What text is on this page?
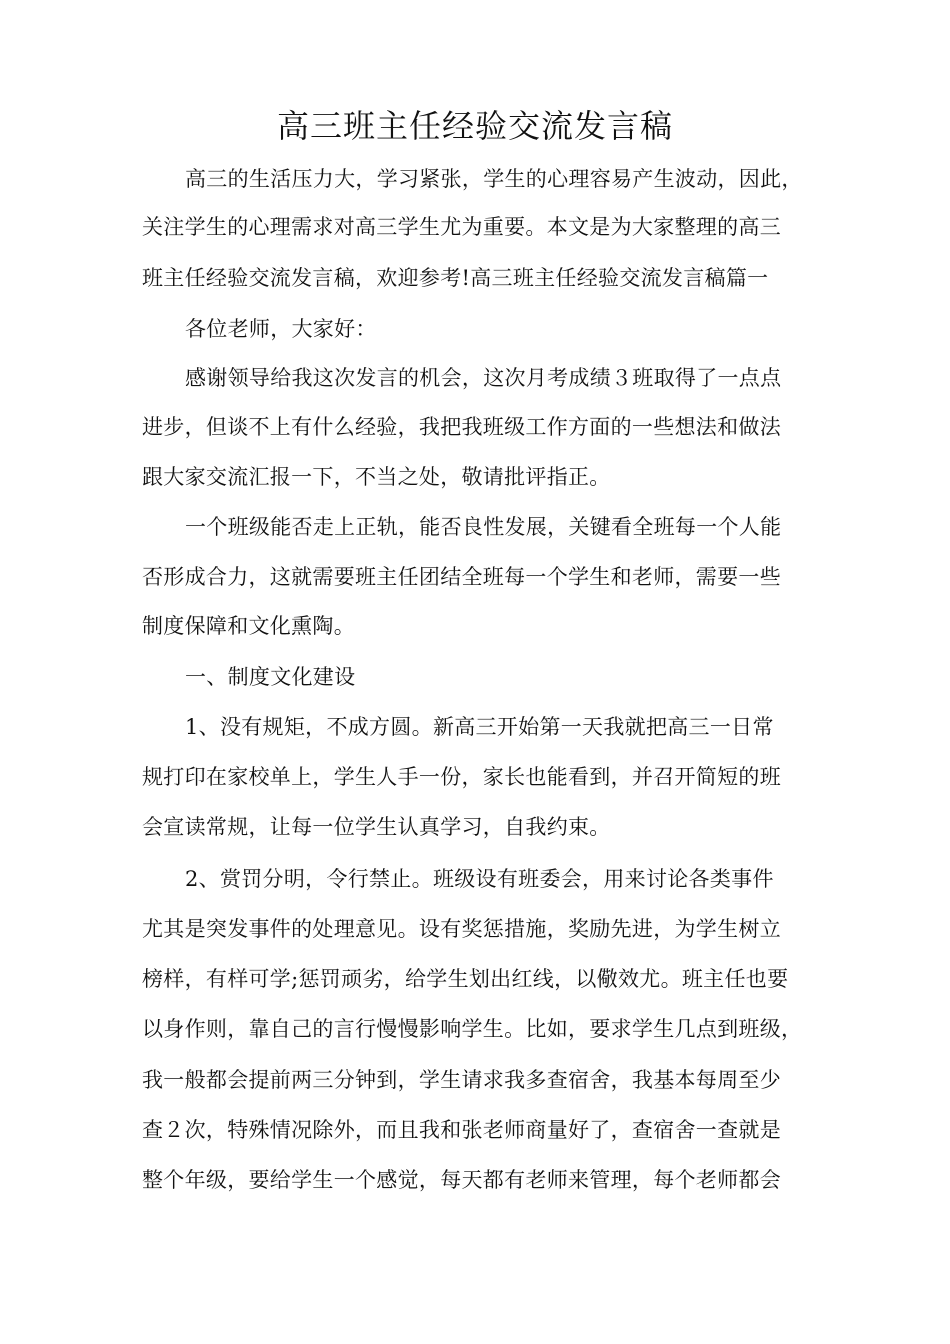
高三班主任经验交流发言稿
高三的生活压力大，学习紧张，学生的心理容易产生波动，因此，
关注学生的心理需求对高三学生尤为重要。本文是为大家整理的高三
班主任经验交流发言稿，欢迎参考!高三班主任经验交流发言稿篇一
各位老师，大家好：
感谢领导给我这次发言的机会，这次月考成绩３班取得了一点点
进步，但谈不上有什么经验，我把我班级工作方面的一些想法和做法
跟大家交流汇报一下，不当之处，敬请批评指正。
一个班级能否走上正轨，能否良性发展，关键看全班每一个人能
否形成合力，这就需要班主任团结全班每一个学生和老师，需要一些
制度保障和文化熏陶。
一、制度文化建设
1、没有规矩，不成方圆。新高三开始第一天我就把高三一日常
规打印在家校单上，学生人手一份，家长也能看到，并召开简短的班
会宣读常规，让每一位学生认真学习，自我约束。
2、赏罚分明，令行禁止。班级设有班委会，用来讨论各类事件
尤其是突发事件的处理意见。设有奖惩措施，奖励先进，为学生树立
榜样，有样可学;惩罚顽劣，给学生划出红线，以儆效尤。班主任也要
以身作则，靠自己的言行慢慢影响学生。比如，要求学生几点到班级，
我一般都会提前两三分钟到，学生请求我多查宿舍，我基本每周至少
查２次，特殊情况除外，而且我和张老师商量好了，查宿舍一查就是
整个年级，要给学生一个感觉，每天都有老师来管理，每个老师都会
